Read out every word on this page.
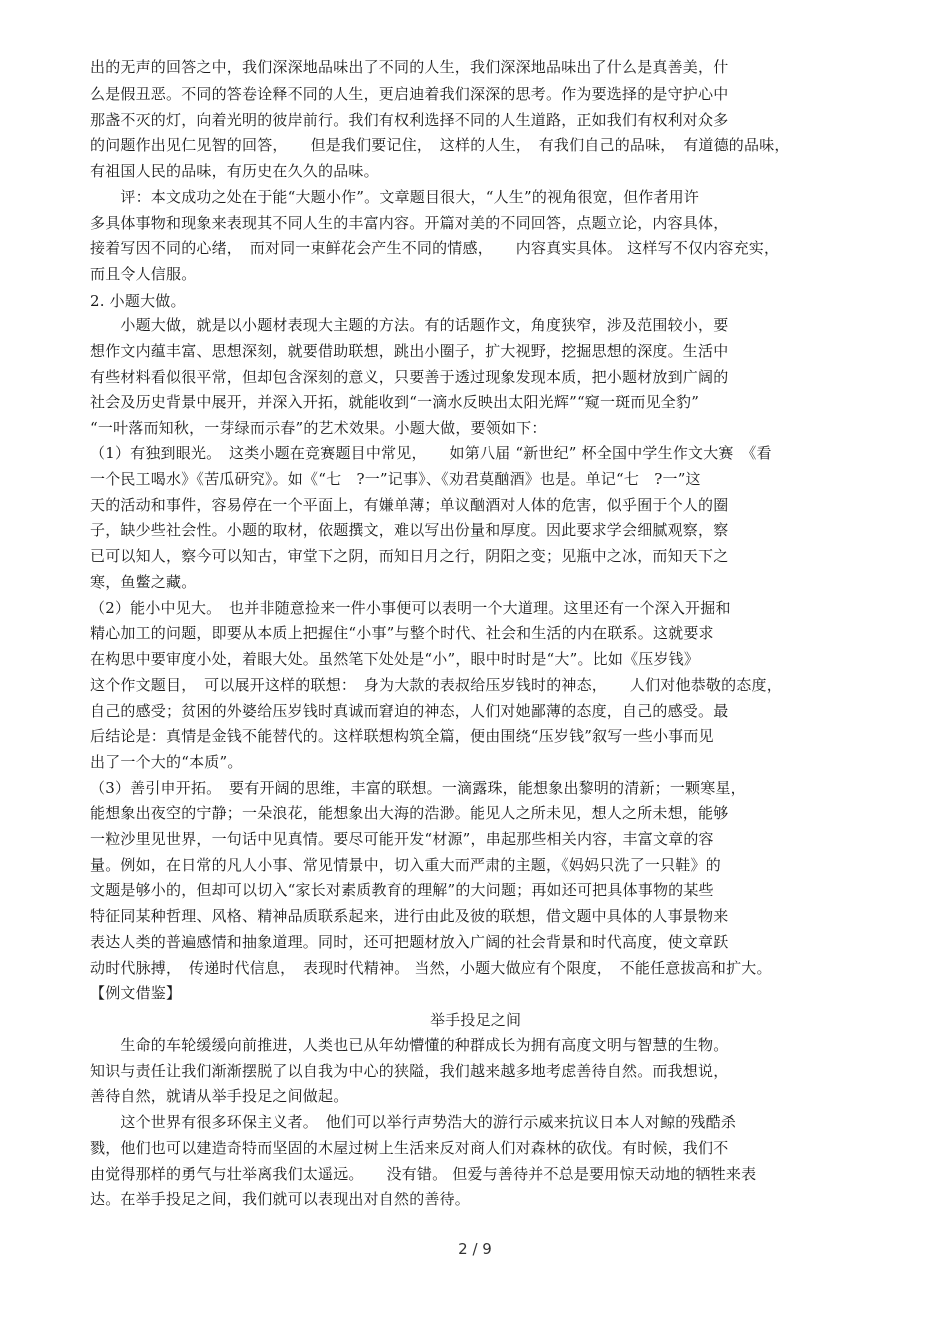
出的无声的回答之中，我们深深地品味出了不同的人生，我们深深地品味出了什么是真善美，什
么是假丑恶。不同的答卷诠释不同的人生，更启迪着我们深深的思考。作为要选择的是守护心中
那盏不灭的灯，向着光明的彼岸前行。我们有权利选择不同的人生道路，正如我们有权利对众多
的问题作出见仁见智的回答，　　但是我们要记住，　这样的人生，　有我们自己的品味，　有道德的品味，
有祖国人民的品味，有历史在久久的品味。
　　评：本文成功之处在于能“大题小作”。文章题目很大，“人生”的视角很宽，但作者用许
多具体事物和现象来表现其不同人生的丰富内容。开篇对美的不同回答，点题立论，内容具体，
接着写因不同的心绪，　而对同一束鲜花会产生不同的情感，　　内容真实具体。 这样写不仅内容充实，
而且令人信服。
2. 小题大做。
　　小题大做，就是以小题材表现大主题的方法。有的话题作文，角度狭窄，涉及范围较小，要
想作文内蕴丰富、思想深刻，就要借助联想，跳出小圈子，扩大视野，挖掘思想的深度。生活中
有些材料看似很平常，但却包含深刻的意义，只要善于透过现象发现本质，把小题材放到广阔的
社会及历史背景中展开，并深入开拓，就能收到“一滴水反映出太阳光辉”“窥一斑而见全豹”
“一叶落而知秋，一芽绿而示春”的艺术效果。小题大做，要领如下：
（1）有独到眼光。　这类小题在竞赛题目中常见，　　如第八届 “新世纪” 杯全国中学生作文大赛　《看
一个民工喝水》《苦瓜研究》。如《“七　?一”记事》、《劝君莫酗酒》也是。单记“七　?一”这
天的活动和事件，容易停在一个平面上，有嫌单薄；单议酗酒对人体的危害，似乎囿于个人的圈
子，缺少些社会性。小题的取材，依题撰文，难以写出份量和厚度。因此要求学会细腻观察，察
已可以知人，察今可以知古，审堂下之阴，而知日月之行，阴阳之变；见瓶中之冰，而知天下之
寒，鱼鳖之藏。
（2）能小中见大。　也并非随意捡来一件小事便可以表明一个大道理。这里还有一个深入开掘和
精心加工的问题，即要从本质上把握住“小事”与整个时代、社会和生活的内在联系。这就要求
在构思中要审度小处，着眼大处。虽然笔下处处是“小”，眼中时时是“大”。比如《压岁钱》
这个作文题目，　可以展开这样的联想：　身为大款的表叔给压岁钱时的神态，　　人们对他恭敬的态度，
自己的感受；贫困的外婆给压岁钱时真诚而窘迫的神态，人们对她鄙薄的态度，自己的感受。最
后结论是：真情是金钱不能替代的。这样联想构筑全篇，便由围绕“压岁钱”叙写一些小事而见
出了一个大的“本质”。
（3）善引申开拓。　要有开阔的思维，丰富的联想。一滴露珠，能想象出黎明的清新；一颗寒星，
能想象出夜空的宁静；一朵浪花，能想象出大海的浩渺。能见人之所未见，想人之所未想，能够
一粒沙里见世界，一句话中见真情。要尽可能开发“材源”，串起那些相关内容，丰富文章的容
量。例如，在日常的凡人小事、常见情景中，切入重大而严肃的主题，《妈妈只洗了一只鞋》的
文题是够小的，但却可以切入“家长对素质教育的理解”的大问题；再如还可把具体事物的某些
特征同某种哲理、风格、精神品质联系起来，进行由此及彼的联想，借文题中具体的人事景物来
表达人类的普遍感情和抽象道理。同时，还可把题材放入广阔的社会背景和时代高度，使文章跃
动时代脉搏，　传递时代信息，　表现时代精神。 当然，小题大做应有个限度，　不能任意拔高和扩大。
【例文借鉴】
举手投足之间
　　生命的车轮缓缓向前推进，人类也已从年幼懵懂的种群成长为拥有高度文明与智慧的生物。
知识与责任让我们渐渐摆脱了以自我为中心的狭隘，我们越来越多地考虑善待自然。而我想说，
善待自然，就请从举手投足之间做起。
　　这个世界有很多环保主义者。　他们可以举行声势浩大的游行示威来抗议日本人对鲸的残酷杀
戮，他们也可以建造奇特而坚固的木屋过树上生活来反对商人们对森林的砍伐。有时候，我们不
由觉得那样的勇气与壮举离我们太遥远。　　没有错。 但爱与善待并不总是要用惊天动地的牺牲来表
达。在举手投足之间，我们就可以表现出对自然的善待。
2 / 9
